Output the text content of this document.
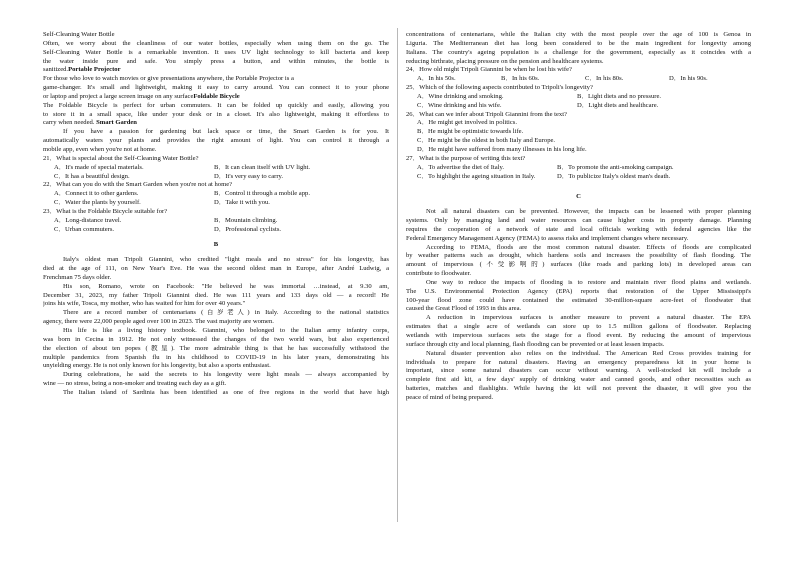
Self-Cleaning Water Bottle
Often, we worry about the cleanliness of our water bottles, especially when using them on the go. The
Self-Cleaning Water Bottle is a remarkable invention. It uses UV light technology to kill bacteria and keep
the water inside pure and safe. You simply press a button, and within minutes, the bottle is
sanitized.Portable Projector
For those who love to watch movies or give presentations anywhere, the Portable Projector is a
game-changer. It's small and lightweight, making it easy to carry around. You can connect it to your phone
or laptop and project a large screen image on any surfaceFoldable Bicycle
The Foldable Bicycle is perfect for urban commuters. It can be folded up quickly and easily, allowing you
to store it in a small space, like under your desk or in a closet. It's also lightweight, making it effortless to
carry when needed. Smart Garden
If you have a passion for gardening but lack space or time, the Smart Garden is for you. It
automatically waters your plants and provides the right amount of light. You can control it through a
mobile app, even when you're not at home.
21．What is special about the Self-Cleaning Water Bottle?
A．It's made of special materials.	B．It can clean itself with UV light.
C．It has a beautiful design.	D．It's very easy to carry.
22．What can you do with the Smart Garden when you're not at home?
A．Connect it to other gardens.	B．Control it through a mobile app.
C．Water the plants by yourself.	D．Take it with you.
23．What is the Foldable Bicycle suitable for?
A．Long-distance travel.	B．Mountain climbing.
C．Urban commuters.	D．Professional cyclists.
B
Italy's oldest man Tripoli Giannini, who credited "light meals and no stress" for his longevity, has
died at the age of 111, on New Year's Eve. He was the second oldest man in Europe, after André Ludwig, a
Frenchman 75 days older.
His son, Romano, wrote on Facebook: "He believed he was immortal …instead, at 9.30 am,
December 31, 2023, my father Tripoli Giannini died. He was 111 years and 133 days old — a record! He
joins his wife, Tosca, my mother, who has waited for him for over 40 years."
There are a record number of centenarians (百岁老人) in Italy. According to the national statistics
agency, there were 22,000 people aged over 100 in 2023. The vast majority are women.
His life is like a living history textbook. Giannini, who belonged to the Italian army infantry corps,
was born in Cecina in 1912. He not only witnessed the changes of the two world wars, but also experienced
the election of about ten popes (教皇). The more admirable thing is that he has successfully withstood the
multiple pandemics from Spanish flu in his childhood to COVID-19 in his later years, demonstrating his
unyielding energy. He is not only known for his longevity, but also a sports enthusiast.
During celebrations, he said the secrets to his longevity were light meals — always accompanied by
wine — no stress, being a non-smoker and treating each day as a gift.
The Italian island of Sardinia has been identified as one of five regions in the world that have high
concentrations of centenarians, while the Italian city with the most people over the age of 100 is Genoa in
Liguria. The Mediterranean diet has long been considered to be the main ingredient for longevity among
Italians. The country's ageing population is a challenge for the government, especially as it coincides with a
reducing birthrate, placing pressure on the pension and healthcare systems.
24．How old might Tripoli Giannini be when he lost his wife?
A．In his 50s.	B．In his 60s.	C．In his 80s.	D．In his 90s.
25．Which of the following aspects contributed to Tripoli's longevity?
A．Wine drinking and smoking.	B．Light diets and no pressure.
C．Wine drinking and his wife.	D．Light diets and healthcare.
26．What can we infer about Tripoli Giannini from the text?
A．He might get involved in politics.
B．He might be optimistic towards life.
C．He might be the oldest in both Italy and Europe.
D．He might have suffered from many illnesses in his long life.
27．What is the purpose of writing this text?
A．To advertise the diet of Italy.	B．To promote the anti-smoking campaign.
C．To highlight the ageing situation in Italy.	D．To publicize Italy's oldest man's death.
C
Not all natural disasters can be prevented. However, the impacts can be lessened with proper planning
systems. Only by managing land and water resources can cause higher costs in property damage. Planning
requires the cooperation of a network of state and local officials working with federal agencies like the
Federal Emergency Management Agency (FEMA) to assess risks and implement changes where necessary.
According to FEMA, floods are the most common natural disaster. Effects of floods are complicated
by weather patterns such as drought, which hardens soils and increases the possibility of flash flooding. The
amount of impervious (不受影响的) surfaces (like roads and parking lots) in developed areas can
contribute to floodwater.
One way to reduce the impacts of flooding is to restore and maintain river flood plains and wetlands.
The U.S. Environmental Protection Agency (EPA) reports that restoration of the Upper Mississippi's
100-year flood zone could have contained the estimated 30-million-square acre-feet of floodwater that
caused the Great Flood of 1993 in this area.
A reduction in impervious surfaces is another measure to prevent a natural disaster. The EPA
estimates that a single acre of wetlands can store up to 1.5 million gallons of floodwater. Replacing
wetlands with impervious surfaces sets the stage for a flood event. By reducing the amount of impervious
surface through city and local planning, flash flooding can be prevented or at least lessen impacts.
Natural disaster prevention also relies on the individual. The American Red Cross provides training for
individuals to prepare for natural disasters. Having an emergency preparedness kit in your home is
important, since some natural disasters can occur without warning. A well-stocked kit will include a
complete first aid kit, a few days' supply of drinking water and canned goods, and other necessities such as
batteries, matches and flashlights. While having the kit will not prevent the disaster, it will give you the
peace of mind of being prepared.
